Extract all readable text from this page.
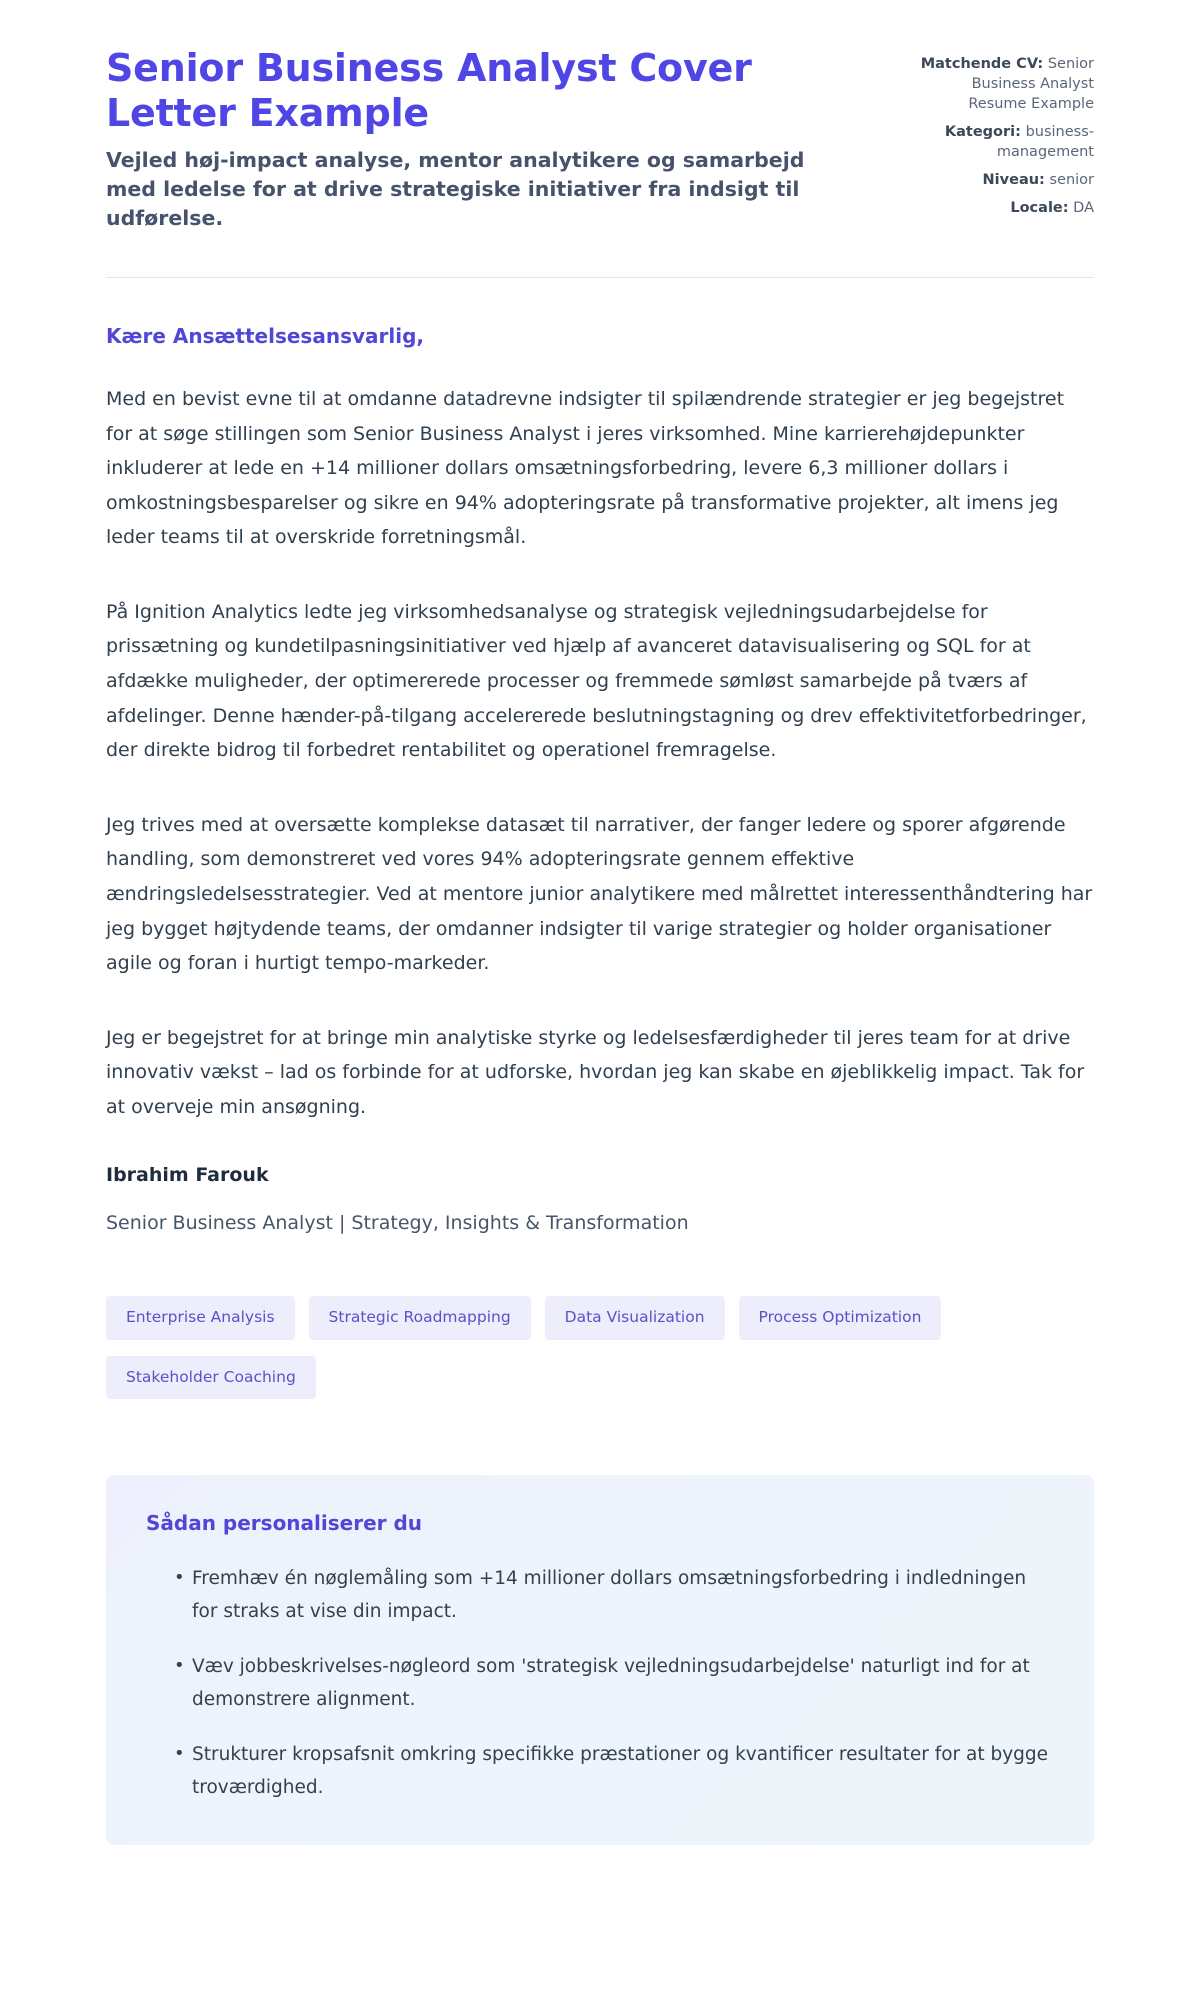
Senior Business Analyst Cover Letter Example

Vejled høj-impact analyse, mentor analytikere og samarbejd med ledelse for at drive strategiske initiativer fra indsigt til udførelse.

Matchende CV: Senior Business Analyst Resume Example
Kategori: business-management
Niveau: senior
Locale: DA

Kære Ansættelsesansvarlig,

Med en bevist evne til at omdanne datadrevne indsigter til spilændrende strategier er jeg begejstret for at søge stillingen som Senior Business Analyst i jeres virksomhed. Mine karrierehøjdepunkter inkluderer at lede en +14 millioner dollars omsætningsforbedring, levere 6,3 millioner dollars i omkostningsbesparelser og sikre en 94% adopteringsrate på transformative projekter, alt imens jeg leder teams til at overskride forretningsmål.

På Ignition Analytics ledte jeg virksomhedsanalyse og strategisk vejledningsudarbejdelse for prissætning og kundetilpasningsinitiativer ved hjælp af avanceret datavisualisering og SQL for at afdække muligheder, der optimererede processer og fremmede sømløst samarbejde på tværs af afdelinger. Denne hænder-på-tilgang accelererede beslutningstagning og drev effektivitetforbedringer, der direkte bidrog til forbedret rentabilitet og operationel fremragelse.

Jeg trives med at oversætte komplekse datasæt til narrativer, der fanger ledere og sporer afgørende handling, som demonstreret ved vores 94% adopteringsrate gennem effektive ændringsledelsesstrategier. Ved at mentore junior analytikere med målrettet interessenthåndtering har jeg bygget højtydende teams, der omdanner indsigter til varige strategier og holder organisationer agile og foran i hurtigt tempo-markeder.

Jeg er begejstret for at bringe min analytiske styrke og ledelsesfærdigheder til jeres team for at drive innovativ vækst – lad os forbinde for at udforske, hvordan jeg kan skabe en øjeblikkelig impact. Tak for at overveje min ansøgning.

Ibrahim Farouk

Senior Business Analyst | Strategy, Insights & Transformation

Enterprise Analysis	Strategic Roadmapping	Data Visualization	Process Optimization
Stakeholder Coaching
Sådan personaliserer du
• Fremhæv én nøglemåling som +14 millioner dollars omsætningsforbedring i indledningen for straks at vise din impact.
• Væv jobbeskrivelses-nøgleord som 'strategisk vejledningsudarbejdelse' naturligt ind for at demonstrere alignment.
• Strukturer kropsafsnit omkring specifikke præstationer og kvantificer resultater for at bygge troværdighed.
